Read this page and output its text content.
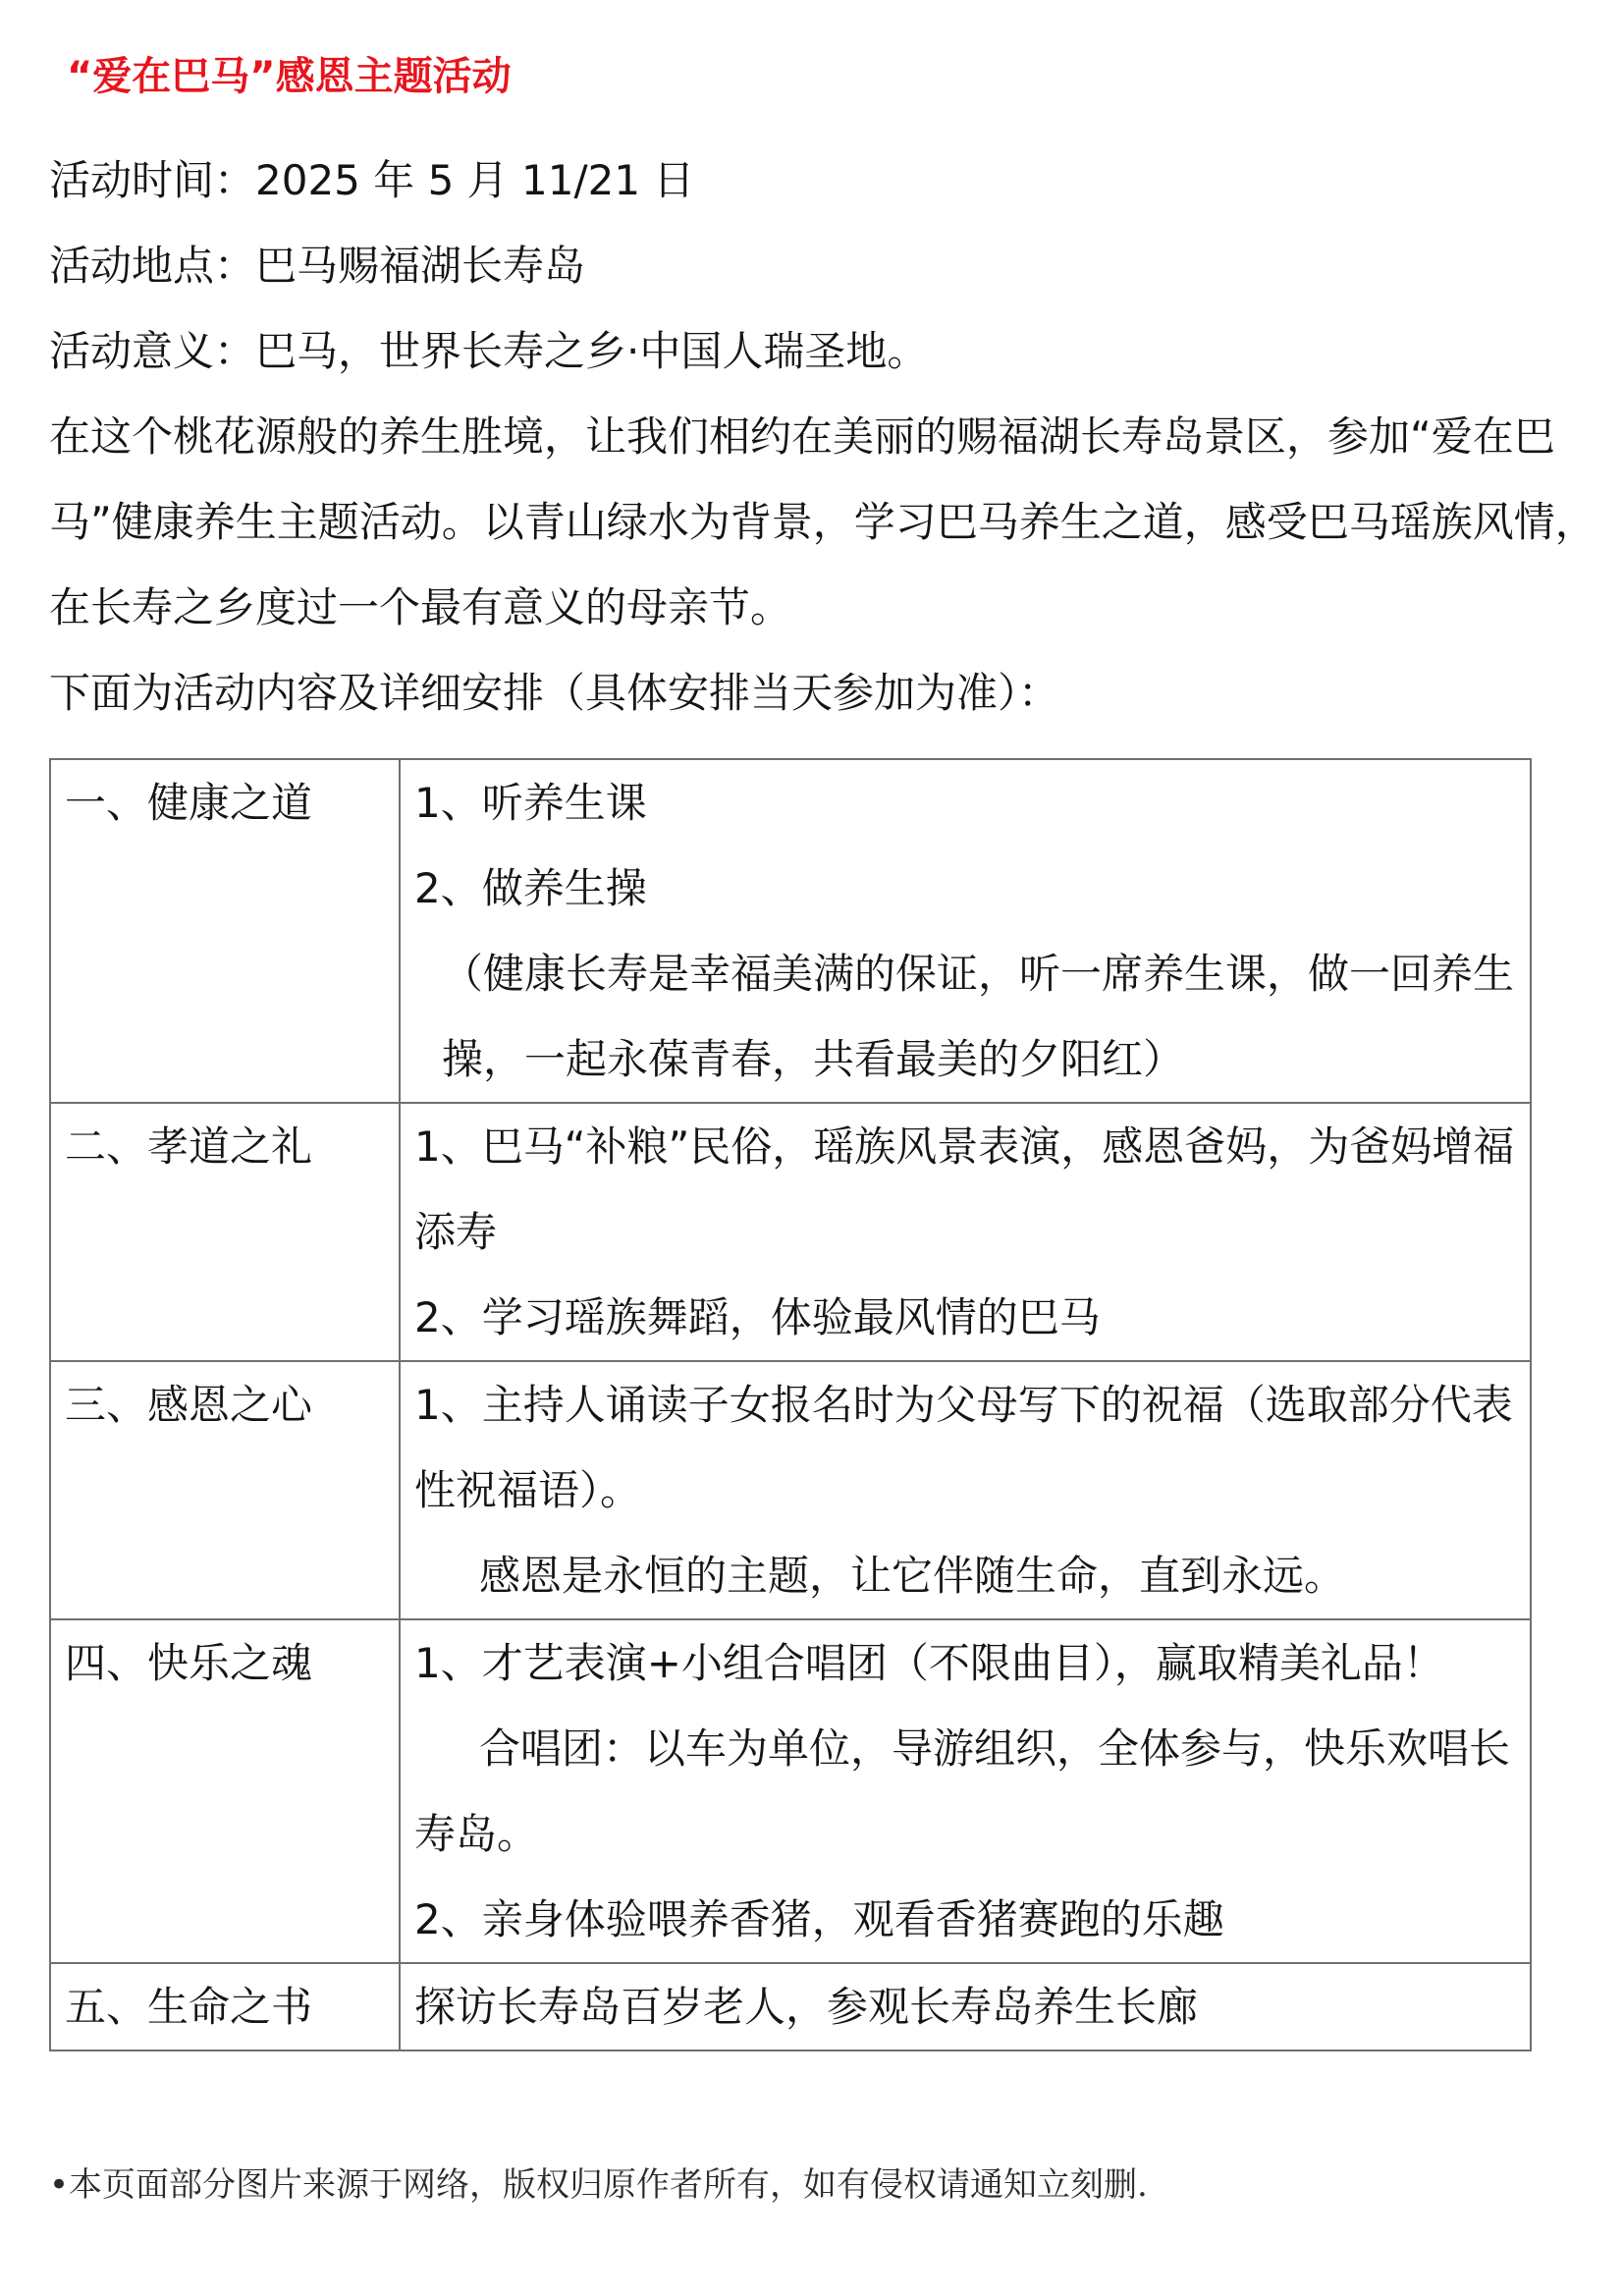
“爱在巴马”感恩主题活动

活动时间：2025 年 5 月 11/21 日

活动地点：巴马赐福湖长寿岛

活动意义：巴马，世界长寿之乡·中国人瑞圣地。

在这个桃花源般的养生胜境，让我们相约在美丽的赐福湖长寿岛景区，参加“爱在巴马”健康养生主题活动。以青山绿水为背景，学习巴马养生之道，感受巴马瑶族风情，在长寿之乡度过一个最有意义的母亲节。

下面为活动内容及详细安排（具体安排当天参加为准）：

一、健康之道	1、听养生课
2、做养生操
（健康长寿是幸福美满的保证，听一席养生课，做一回养生操，一起永葆青春，共看最美的夕阳红）

二、孝道之礼	1、巴马“补粮”民俗，瑶族风景表演，感恩爸妈，为爸妈增福添寿
2、学习瑶族舞蹈，体验最风情的巴马

三、感恩之心	1、主持人诵读子女报名时为父母写下的祝福（选取部分代表性祝福语）。
感恩是永恒的主题，让它伴随生命，直到永远。

四、快乐之魂	1、才艺表演+小组合唱团（不限曲目），赢取精美礼品！
合唱团：以车为单位，导游组织，全体参与，快乐欢唱长寿岛。
2、亲身体验喂养香猪，观看香猪赛跑的乐趣

五、生命之书	探访长寿岛百岁老人，参观长寿岛养生长廊

•本页面部分图片来源于网络，版权归原作者所有，如有侵权请通知立刻删.
